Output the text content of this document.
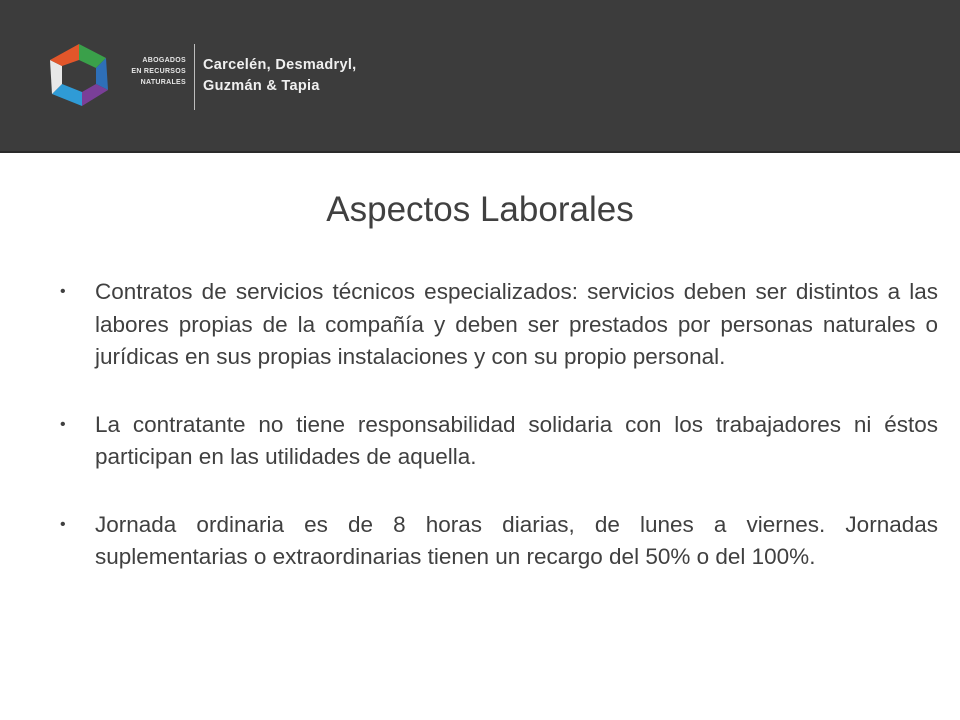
ABOGADOS
EN RECURSOS
NATURALES
Carcelén, Desmadryl,
Guzmán & Tapia
Aspectos Laborales
• Contratos de servicios técnicos especializados: servicios deben ser distintos a las labores propias de la compañía y deben ser prestados por personas naturales o jurídicas en sus propias instalaciones y con su propio personal.
• La contratante no tiene responsabilidad solidaria con los trabajadores ni éstos participan en las utilidades de aquella.
• Jornada ordinaria es de 8 horas diarias, de lunes a viernes. Jornadas suplementarias o extraordinarias tienen un recargo del 50% o del 100%.
